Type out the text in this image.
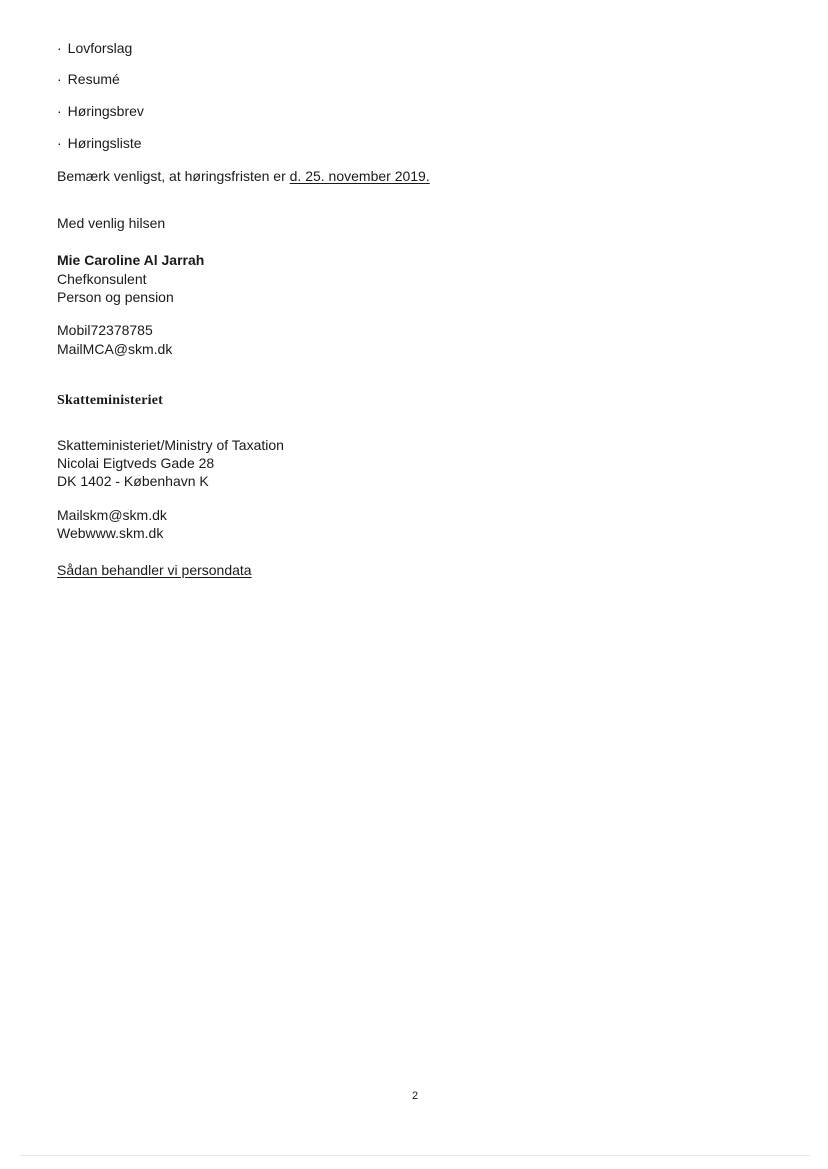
· Lovforslag
· Resumé
· Høringsbrev
· Høringsliste
Bemærk venligst, at høringsfristen er d. 25. november 2019.
Med venlig hilsen
Mie Caroline Al Jarrah
Chefkonsulent
Person og pension
Mobil72378785
MailMCA@skm.dk
Skatteministeriet
Skatteministeriet/Ministry of Taxation
Nicolai Eigtveds Gade 28
DK 1402 - København K
Mailskm@skm.dk
Webwww.skm.dk
Sådan behandler vi persondata
2
